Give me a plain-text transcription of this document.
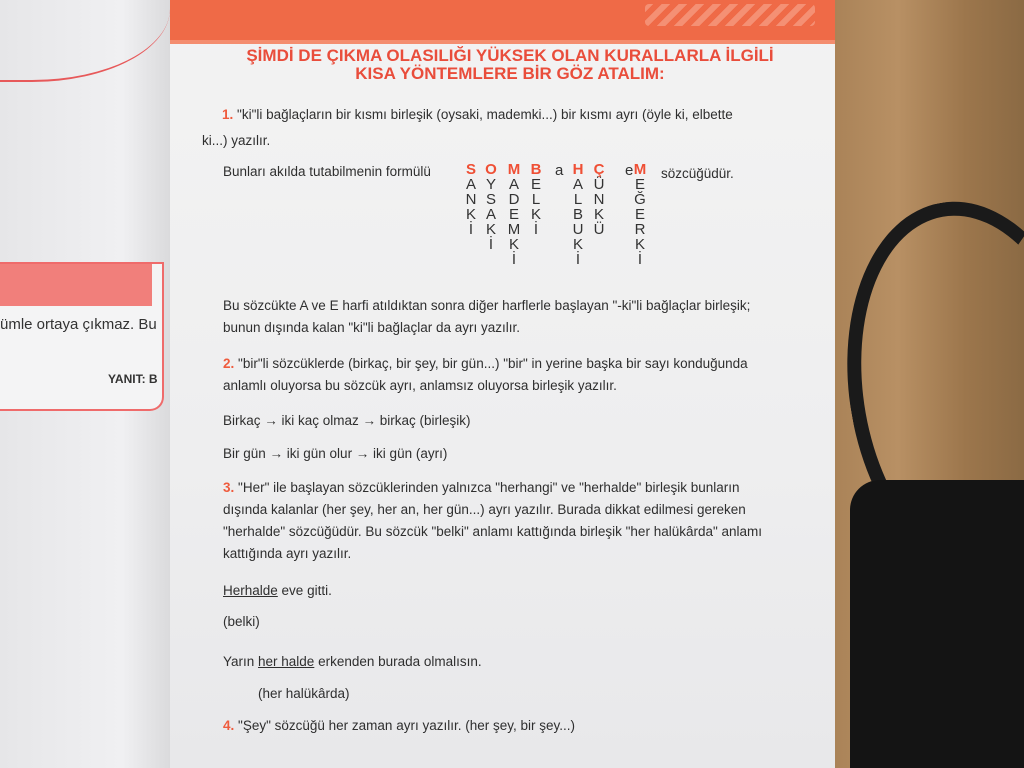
ümle ortaya çıkmaz. Bu
YANIT: B
ŞİMDİ DE ÇIKMA OLASILIĞI YÜKSEK OLAN KURALLARLA İLGİLİ
KISA YÖNTEMLERE BİR GÖZ ATALIM:
1. "ki"li bağlaçların bir kısmı birleşik (oysaki, mademki...) bir kısmı ayrı (öyle ki, elbette
ki...) yazılır.
Bunları akılda tutabilmenin formülü	a	e sözcüğüdür.
Bu sözcükte A ve E harfi atıldıktan sonra diğer harflerle başlayan "-ki"li bağlaçlar birleşik;
bunun dışında kalan "ki"li bağlaçlar da ayrı yazılır.
2. "bir"li sözcüklerde (birkaç, bir şey, bir gün...) "bir" in yerine başka bir sayı konduğunda
anlamlı oluyorsa bu sözcük ayrı, anlamsız oluyorsa birleşik yazılır.
Birkaç → iki kaç olmaz → birkaç (birleşik)
Bir gün → iki gün olur → iki gün (ayrı)
3. "Her" ile başlayan sözcüklerinden yalnızca "herhangi" ve "herhalde" birleşik bunların
dışında kalanlar (her şey, her an, her gün...) ayrı yazılır. Burada dikkat edilmesi gereken
"herhalde" sözcüğüdür. Bu sözcük "belki" anlamı kattığında birleşik "her halükârda" anlamı
kattığında ayrı yazılır.
Herhalde eve gitti.
(belki)
Yarın her halde erkenden burada olmalısın.
(her halükârda)
4. "Şey" sözcüğü her zaman ayrı yazılır. (her şey, bir şey...)
S
A
N
K
İ
O
Y
S
A
K
İ
M
A
D
E
M
K
İ
B
E
L
K
İ
H
A
L
B
U
K
İ
Ç
Ü
N
K
Ü
M
E
Ğ
E
R
K
İ
